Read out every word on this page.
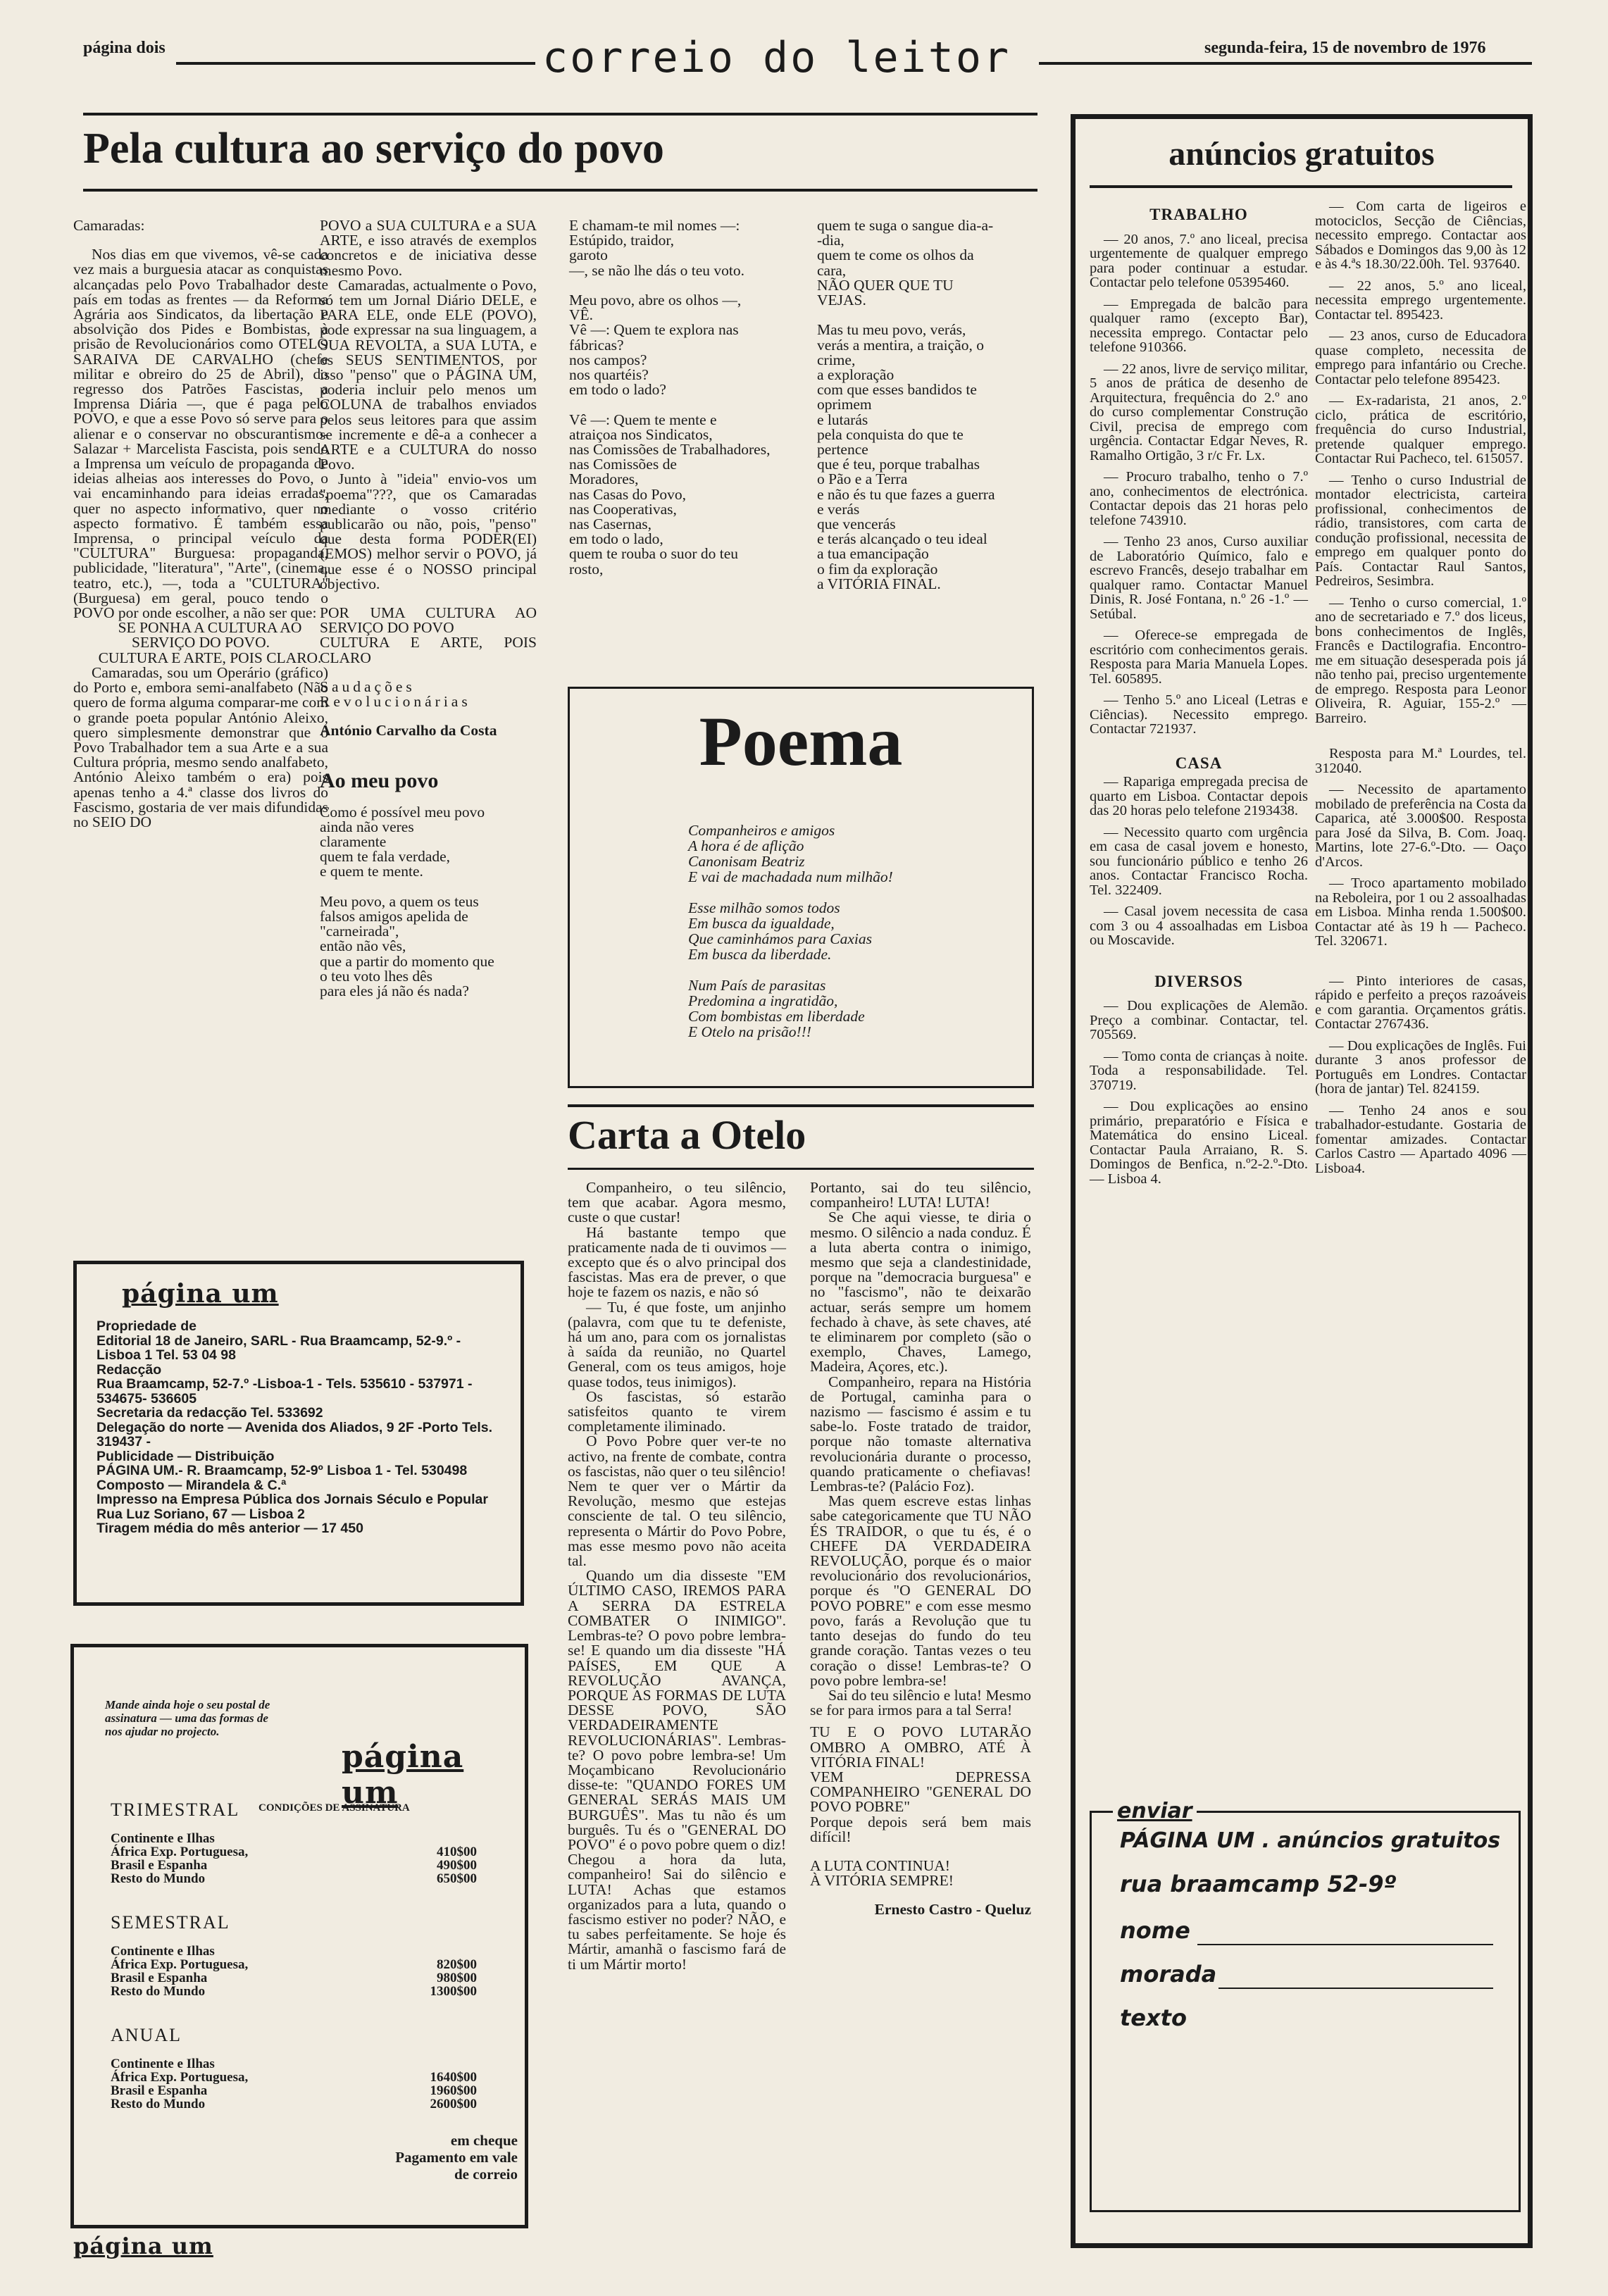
página dois	correio do leitor	segunda-feira, 15 de novembro de 1976
Pela cultura ao serviço do povo

Camaradas:

Nos dias em que vivemos, vê-se cada vez mais a burguesia atacar as conquistas alcançadas pelo Povo Trabalhador deste país em todas as frentes — da Reforma Agrária aos Sindicatos, da libertação e absolvição dos Pides e Bombistas, à prisão de Revolucionários como OTELO SARAIVA DE CARVALHO (chefe militar e obreiro do 25 de Abril), do regresso dos Patrões Fascistas, a Imprensa Diária —, que é paga pelo POVO, e que a esse Povo só serve para o alienar e o conservar no obscurantismo-Salazar + Marcelista Fascista, pois sendo a Imprensa um veículo de propaganda de ideias alheias aos interesses do Povo, o vai encaminhando para ideias erradas, quer no aspecto informativo, quer no aspecto formativo. É também essa Imprensa, o principal veículo da "CULTURA" Burguesa: propaganda, publicidade, "literatura", "Arte", (cinema, teatro, etc.), —, toda a "CULTURA" (Burguesa) em geral, pouco tendo o POVO por onde escolher, a não ser que:

SE PONHA A CULTURA AO SERVIÇO DO POVO.

CULTURA E ARTE, POIS CLARO.

Camaradas, sou um Operário (gráfico) do Porto e, embora semi-analfabeto (Não quero de forma alguma comparar-me com o grande poeta popular António Aleixo, quero simplesmente demonstrar que o Povo Trabalhador tem a sua Arte e a sua Cultura própria, mesmo sendo analfabeto, António Aleixo também o era) pois apenas tenho a 4.ª classe dos livros do Fascismo, gostaria de ver mais difundidas no SEIO DO

POVO a SUA CULTURA e a SUA ARTE, e isso através de exemplos concretos e de iniciativa desse mesmo Povo.

Camaradas, actualmente o Povo, só tem um Jornal Diário DELE, e PARA ELE, onde ELE (POVO), pode expressar na sua linguagem, a SUA REVOLTA, a SUA LUTA, e os SEUS SENTIMENTOS, por isso "penso" que o PÁGINA UM, poderia incluir pelo menos um COLUNA de trabalhos enviados pelos seus leitores para que assim se incremente e dê-a a conhecer a ARTE e a CULTURA do nosso Povo.

Junto à "ideia" envio-vos um "poema"???, que os Camaradas mediante o vosso critério publicarão ou não, pois, "penso" que desta forma PODER(EI)(EMOS) melhor servir o POVO, já que esse é o NOSSO principal objectivo.

POR UMA CULTURA AO SERVIÇO DO POVO

CULTURA E ARTE, POIS CLARO

Saudações Revolucionárias

António Carvalho da Costa

Ao meu povo
Como é possível meu povo
ainda não veres
claramente
quem te fala verdade,
e quem te mente.

Meu povo, a quem os teus
falsos amigos apelida de
"carneirada",
então não vês,
que a partir do momento que
o teu voto lhes dês
para eles já não és nada?
E chamam-te mil nomes —:
Estúpido, traidor,
garoto
—, se não lhe dás o teu voto.

Meu povo, abre os olhos —,
VÊ.
Vê —: Quem te explora nas
fábricas?
nos campos?
nos quartéis?
em todo o lado?

Vê —: Quem te mente e
atraiçoa nos Sindicatos,
nas Comissões de Trabalhadores,
nas Comissões de
Moradores,
nas Casas do Povo,
nas Cooperativas,
nas Casernas,
em todo o lado,
quem te rouba o suor do teu
rosto,
quem te suga o sangue dia-a-
-dia,
quem te come os olhos da
cara,
NÃO QUER QUE TU
VEJAS.

Mas tu meu povo, verás,
verás a mentira, a traição, o
crime,
a exploração
com que esses bandidos te
oprimem
e lutarás
pela conquista do que te
pertence
que é teu, porque trabalhas
o Pão e a Terra
e não és tu que fazes a guerra
e verás
que vencerás
e terás alcançado o teu ideal
a tua emancipação
o fim da exploração
a VITÓRIA FINAL.
Poema
Companheiros e amigos
A hora é de aflição
Canonisam Beatriz
E vai de machadada num milhão!
Esse milhão somos todos
Em busca da igualdade,
Que caminhámos para Caxias
Em busca da liberdade.
Num País de parasitas
Predomina a ingratidão,
Com bombistas em liberdade
E Otelo na prisão!!!
Carta a Otelo

Companheiro, o teu silêncio, tem que acabar. Agora mesmo, custe o que custar!

Há bastante tempo que praticamente nada de ti ouvimos — excepto que és o alvo principal dos fascistas. Mas era de prever, o que hoje te fazem os nazis, e não só

— Tu, é que foste, um anjinho (palavra, com que tu te defeniste, há um ano, para com os jornalistas à saída da reunião, no Quartel General, com os teus amigos, hoje quase todos, teus inimigos).

Os fascistas, só estarão satisfeitos quanto te virem completamente iliminado.

O Povo Pobre quer ver-te no activo, na frente de combate, contra os fascistas, não quer o teu silêncio! Nem te quer ver o Mártir da Revolução, mesmo que estejas consciente de tal. O teu silêncio, representa o Mártir do Povo Pobre, mas esse mesmo povo não aceita tal.

Quando um dia disseste "EM ÚLTIMO CASO, IREMOS PARA A SERRA DA ESTRELA COMBATER O INIMIGO". Lembras-te? O povo pobre lembra-se! E quando um dia disseste "HÁ PAÍSES, EM QUE A REVOLUÇÃO AVANÇA, PORQUE AS FORMAS DE LUTA DESSE POVO, SÃO VERDADEIRAMENTE REVOLUCIONÁRIAS". Lembras-te? O povo pobre lembra-se! Um Moçambicano Revolucionário disse-te: "QUANDO FORES UM GENERAL SERÁS MAIS UM BURGUÊS". Mas tu não és um burguês. Tu és o "GENERAL DO POVO" é o povo pobre quem o diz! Chegou a hora da luta, companheiro! Sai do silêncio e LUTA! Achas que estamos organizados para a luta, quando o fascismo estiver no poder? NÃO, e tu sabes perfeitamente. Se hoje és Mártir, amanhã o fascismo fará de ti um Mártir morto!

Portanto, sai do teu silêncio, companheiro! LUTA! LUTA!

Se Che aqui viesse, te diria o mesmo. O silêncio a nada conduz. É a luta aberta contra o inimigo, mesmo que seja a clandestinidade, porque na "democracia burguesa" e no "fascismo", não te deixarão actuar, serás sempre um homem fechado à chave, às sete chaves, até te eliminarem por completo (são o exemplo, Chaves, Lamego, Madeira, Açores, etc.).

Companheiro, repara na História de Portugal, caminha para o nazismo — fascismo é assim e tu sabe-lo. Foste tratado de traidor, porque não tomaste alternativa revolucionária durante o processo, quando praticamente o chefiavas! Lembras-te? (Palácio Foz).

Mas quem escreve estas linhas sabe categoricamente que TU NÃO ÉS TRAIDOR, o que tu és, é o CHEFE DA VERDADEIRA REVOLUÇÃO, porque és o maior revolucionário dos revolucionários, porque és "O GENERAL DO POVO POBRE" e com esse mesmo povo, farás a Revolução que tu tanto desejas do fundo do teu grande coração. Tantas vezes o teu coração o disse! Lembras-te? O povo pobre lembra-se!

Sai do teu silêncio e luta! Mesmo se for para irmos para a tal Serra!

TU E O POVO LUTARÃO OMBRO A OMBRO, ATÉ À VITÓRIA FINAL!

VEM DEPRESSA COMPANHEIRO "GENERAL DO POVO POBRE"

Porque depois será bem mais difícil!

A LUTA CONTINUA!

À VITÓRIA SEMPRE!

Ernesto Castro - Queluz

página um
Propriedade de
Editorial 18 de Janeiro, SARL - Rua Braamcamp, 52-9.º -Lisboa 1 Tel. 53 04 98
Redacção
Rua Braamcamp, 52-7.º -Lisboa-1 - Tels. 535610 - 537971 - 534675- 536605
Secretaria da redacção Tel. 533692
Delegação do norte — Avenida dos Aliados, 9 2F -Porto Tels. 319437 -
Publicidade — Distribuição
PÁGINA UM.- R. Braamcamp, 52-9º Lisboa 1 - Tel. 530498
Composto — Mirandela & C.ª
Impresso na Empresa Pública dos Jornais Século e Popular
Rua Luz Soriano, 67 — Lisboa 2
Tiragem média do mês anterior — 17 450
Mande ainda hoje o seu postal de assinatura — uma das formas de nos ajudar no projecto.
página um
CONDIÇÕES DE ASSINATURA
TRIMESTRAL
Continente e Ilhas
África Exp. Portuguesa,	410$00
Brasil e Espanha	490$00
Resto do Mundo	650$00
SEMESTRAL
Continente e Ilhas
África Exp. Portuguesa,	820$00
Brasil e Espanha	980$00
Resto do Mundo	1300$00
ANUAL
Continente e Ilhas
África Exp. Portuguesa,	1640$00
Brasil e Espanha	1960$00
Resto do Mundo	2600$00
em cheque
Pagamento em vale
de correio
página um
anúncios gratuitos
TRABALHO

— 20 anos, 7.º ano liceal, precisa urgentemente de qualquer emprego para poder continuar a estudar. Contactar pelo telefone 05395460.

— Empregada de balcão para qualquer ramo (excepto Bar), necessita emprego. Contactar pelo telefone 910366.

— 22 anos, livre de serviço militar, 5 anos de prática de desenho de Arquitectura, frequência do 2.º ano do curso complementar Construção Civil, precisa de emprego com urgência. Contactar Edgar Neves, R. Ramalho Ortigão, 3 r/c Fr. Lx.

— Procuro trabalho, tenho o 7.º ano, conhecimentos de electrónica. Contactar depois das 21 horas pelo telefone 743910.

— Tenho 23 anos, Curso auxiliar de Laboratório Químico, falo e escrevo Francês, desejo trabalhar em qualquer ramo. Contactar Manuel Dinis, R. José Fontana, n.º 26 -1.º — Setúbal.

— Oferece-se empregada de escritório com conhecimentos gerais. Resposta para Maria Manuela Lopes. Tel. 605895.

— Tenho 5.º ano Liceal (Letras e Ciências). Necessito emprego. Contactar 721937.

CASA

— Rapariga empregada precisa de quarto em Lisboa. Contactar depois das 20 horas pelo telefone 2193438.

— Necessito quarto com urgência em casa de casal jovem e honesto, sou funcionário público e tenho 26 anos. Contactar Francisco Rocha. Tel. 322409.

— Casal jovem necessita de casa com 3 ou 4 assoalhadas em Lisboa ou Moscavide.

DIVERSOS

— Dou explicações de Alemão. Preço a combinar. Contactar, tel. 705569.

— Tomo conta de crianças à noite. Toda a responsabilidade. Tel. 370719.

— Dou explicações ao ensino primário, preparatório e Física e Matemática do ensino Liceal. Contactar Paula Arraiano, R. S. Domingos de Benfica, n.º2-2.º-Dto. — Lisboa 4.

— Com carta de ligeiros e motociclos, Secção de Ciências, necessito emprego. Contactar aos Sábados e Domingos das 9,00 às 12 e às 4.ªs 18.30/22.00h. Tel. 937640.

— 22 anos, 5.º ano liceal, necessita emprego urgentemente. Contactar tel. 895423.

— 23 anos, curso de Educadora quase completo, necessita de emprego para infantário ou Creche. Contactar pelo telefone 895423.

— Ex-radarista, 21 anos, 2.º ciclo, prática de escritório, frequência do curso Industrial, pretende qualquer emprego. Contactar Rui Pacheco, tel. 615057.

— Tenho o curso Industrial de montador electricista, carteira profissional, conhecimentos de rádio, transistores, com carta de condução profissional, necessita de emprego em qualquer ponto do País. Contactar Raul Santos, Pedreiros, Sesimbra.

— Tenho o curso comercial, 1.º ano de secretariado e 7.º dos liceus, bons conhecimentos de Inglês, Francês e Dactilografia. Encontro-me em situação desesperada pois já não tenho pai, preciso urgentemente de emprego. Resposta para Leonor Oliveira, R. Aguiar, 155-2.º — Barreiro.

Resposta para M.ª Lourdes, tel. 312040.

— Necessito de apartamento mobilado de preferência na Costa da Caparica, até 3.000$00. Resposta para José da Silva, B. Com. Joaq. Martins, lote 27-6.º-Dto. — Oaço d'Arcos.

— Troco apartamento mobilado na Reboleira, por 1 ou 2 assoalhadas em Lisboa. Minha renda 1.500$00. Contactar até às 19 h — Pacheco. Tel. 320671.

— Pinto interiores de casas, rápido e perfeito a preços razoáveis e com garantia. Orçamentos grátis. Contactar 2767436.

— Dou explicações de Inglês. Fui durante 3 anos professor de Português em Londres. Contactar (hora de jantar) Tel. 824159.

— Tenho 24 anos e sou trabalhador-estudante. Gostaria de fomentar amizades. Contactar Carlos Castro — Apartado 4096 — Lisboa4.

enviar
PÁGINA UM . anúncios gratuitos
rua braamcamp 52-9º
nome
morada
texto
